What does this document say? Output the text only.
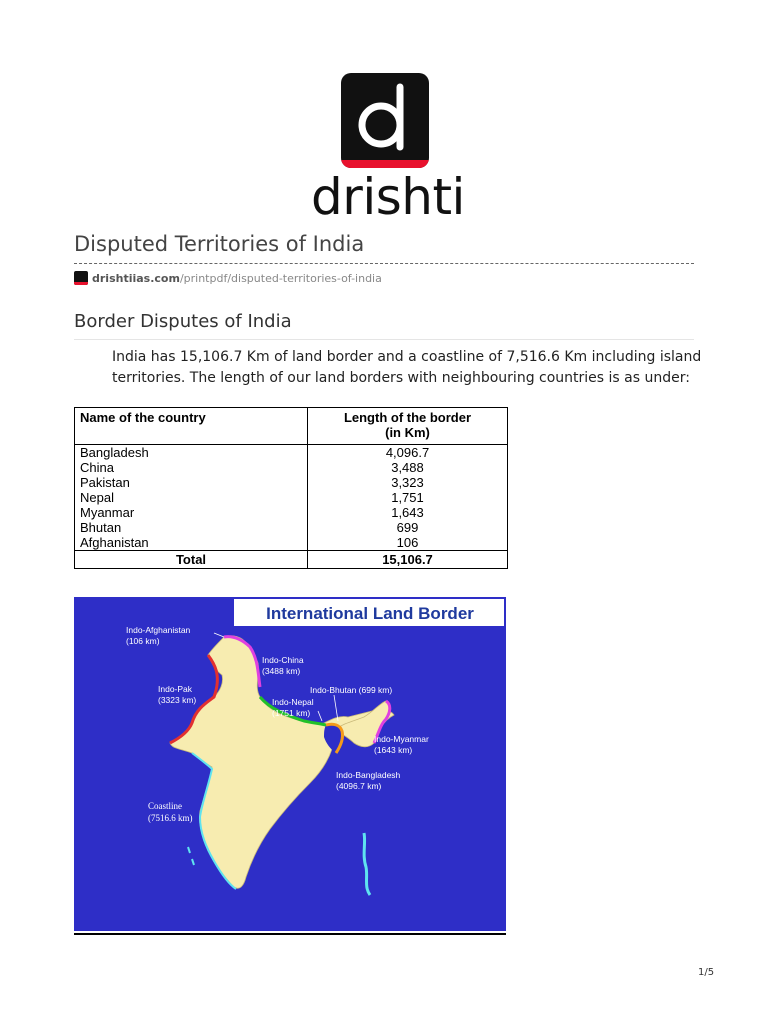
drishti
Disputed Territories of India
drishtiias.com /printpdf/disputed-territories-of-india
Border Disputes of India

India has 15,106.7 Km of land border and a coastline of 7,516.6 Km including island territories. The length of our land borders with neighbouring countries is as under:

Name of the country	Length of the border
(in Km)
Bangladesh	4,096.7
China	3,488
Pakistan	3,323
Nepal	1,751
Myanmar	1,643
Bhutan	699
Afghanistan	106
Total	15,106.7
International Land Border
Indo-Afghanistan
(106 km)
Indo-China
(3488 km)
Indo-Pak
(3323 km)
Indo-Bhutan (699 km)
Indo-Nepal
(1751 km)
Indo-Myanmar
(1643 km)
Indo-Bangladesh
(4096.7 km)
Coastline
(7516.6 km)
1/5
